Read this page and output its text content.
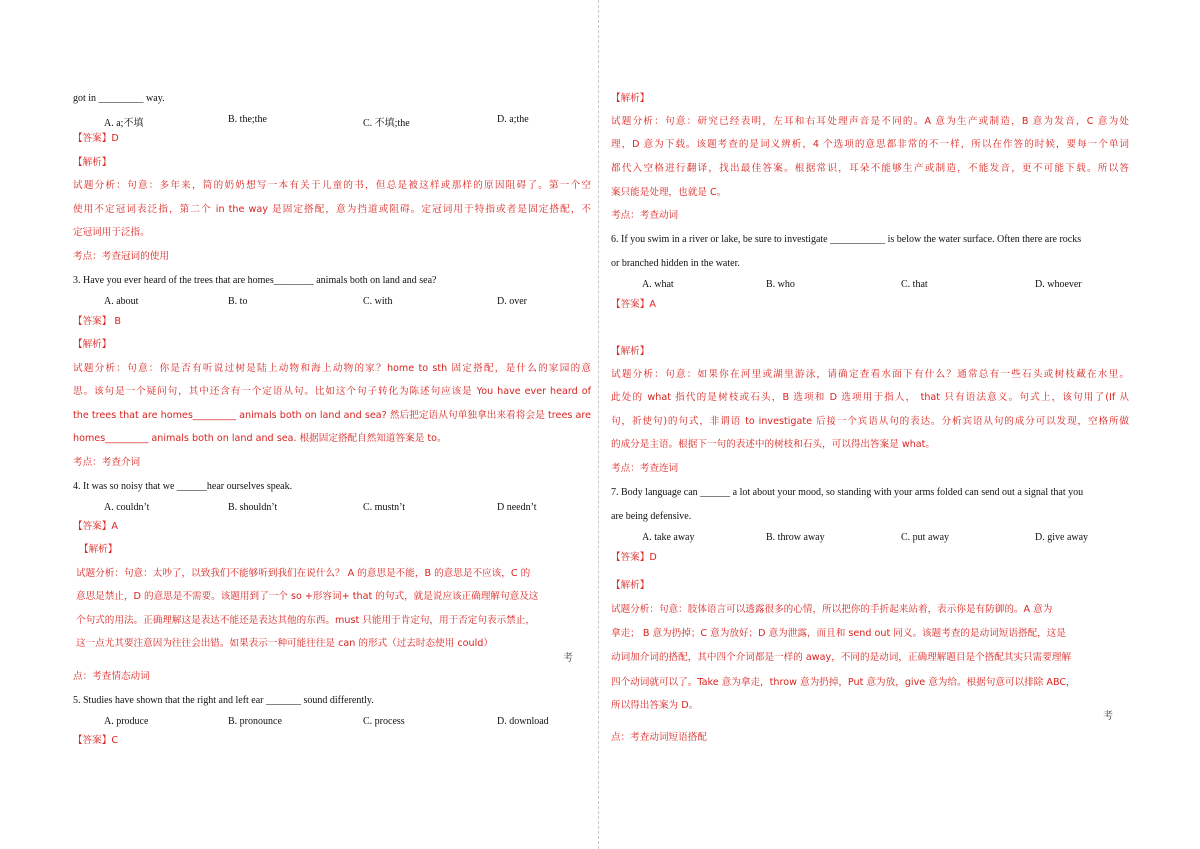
got in _________ way.
A. a;不填	B. the;the	C. 不填;the	D. a;the
【答案】D
【解析】
试题分析：句意：多年来，筒的奶奶想写一本有关于儿童的书，但总是被这样或那样的原因阻碍了。第一个空
使用不定冠词表泛指，第二个 in the way 是固定搭配，意为挡道或阻碍。定冠词用于特指或者是固定搭配，不
定冠词用于泛指。
考点：考查冠词的使用
3. Have you ever heard of the trees that are homes________ animals both on land and sea?
A. about	B. to	C. with	D. over
【答案】 B
【解析】
试题分析：句意：你是否有听说过树是陆上动物和海上动物的家？home to sth 固定搭配，是什么的家园的意
思。该句是一个疑问句，其中还含有一个定语从句。比如这个句子转化为陈述句应该是 You have ever heard of
the trees that are homes_________ animals both on land and sea? 然后把定语从句单独拿出来看将会是 trees are
homes_________ animals both on land and sea. 根据固定搭配自然知道答案是 to。
考点：考查介词
4. It was so noisy that we ______hear ourselves speak.
A. couldn’t	B. shouldn’t	C. mustn’t	D needn’t
【答案】A
【解析】
试题分析：句意：太吵了，以致我们不能够听到我们在说什么？ A 的意思是不能，B 的意思是不应该，C 的
意思是禁止，D 的意思是不需要。该题用到了一个 so +形容词+ that 的句式，就是说应该正确理解句意及这
个句式的用法。正确理解这是表达不能还是表达其他的东西。must 只能用于肯定句，用于否定句表示禁止，
这一点尤其要注意因为往往会出错。如果表示一种可能往往是 can 的形式（过去时态使用 could）
考
点：考查情态动词
5. Studies have shown that the right and left ear _______ sound differently.
A. produce	B. pronounce	C. process	D. download
【答案】C
【解析】
试题分析：句意：研究已经表明，左耳和右耳处理声音是不同的。A 意为生产或制造，B 意为发音，C 意为处
理，D 意为下载。该题考查的是词义辨析，4 个选项的意思都非常的不一样，所以在作答的时候，要每一个单词
都代入空格进行翻译，找出最佳答案。根据常识，耳朵不能够生产或制造，不能发音，更不可能下载。所以答
案只能是处理，也就是 C。
考点：考查动词
6. If you swim in a river or lake, be sure to investigate ___________ is below the water surface. Often there are rocks
or branched hidden in the water.
A. what	B. who	C. that	D. whoever
【答案】A
【解析】
试题分析：句意：如果你在河里或湖里游泳，请确定查看水面下有什么？通常总有一些石头或树枝藏在水里。
此处的 what 指代的是树枝或石头，B 选项和 D 选项用于指人， that 只有语法意义。句式上，该句用了(If 从
句，祈使句)的句式，非谓语 to investigate 后接一个宾语从句的表达。分析宾语从句的成分可以发现，空格所做
的成分是主语。根据下一句的表述中的树枝和石头，可以得出答案是 what。
考点：考查连词
7. Body language can ______ a lot about your mood, so standing with your arms folded can send out a signal that you
are being defensive.
A. take away	B. throw away	C. put away	D. give away
【答案】D
【解析】
试题分析：句意：肢体语言可以透露很多的心情，所以把你的手折起来站着，表示你是有防御的。A 意为
拿走； B 意为扔掉；C 意为放好；D 意为泄露，而且和 send out 同义。该题考查的是动词短语搭配，这是
动词加介词的搭配，其中四个介词都是一样的 away，不同的是动词，正确理解题目是个搭配其实只需要理解
四个动词就可以了。Take 意为拿走，throw 意为扔掉，Put 意为放，give 意为给。根据句意可以排除 ABC，
所以得出答案为 D。
考
点：考查动词短语搭配
